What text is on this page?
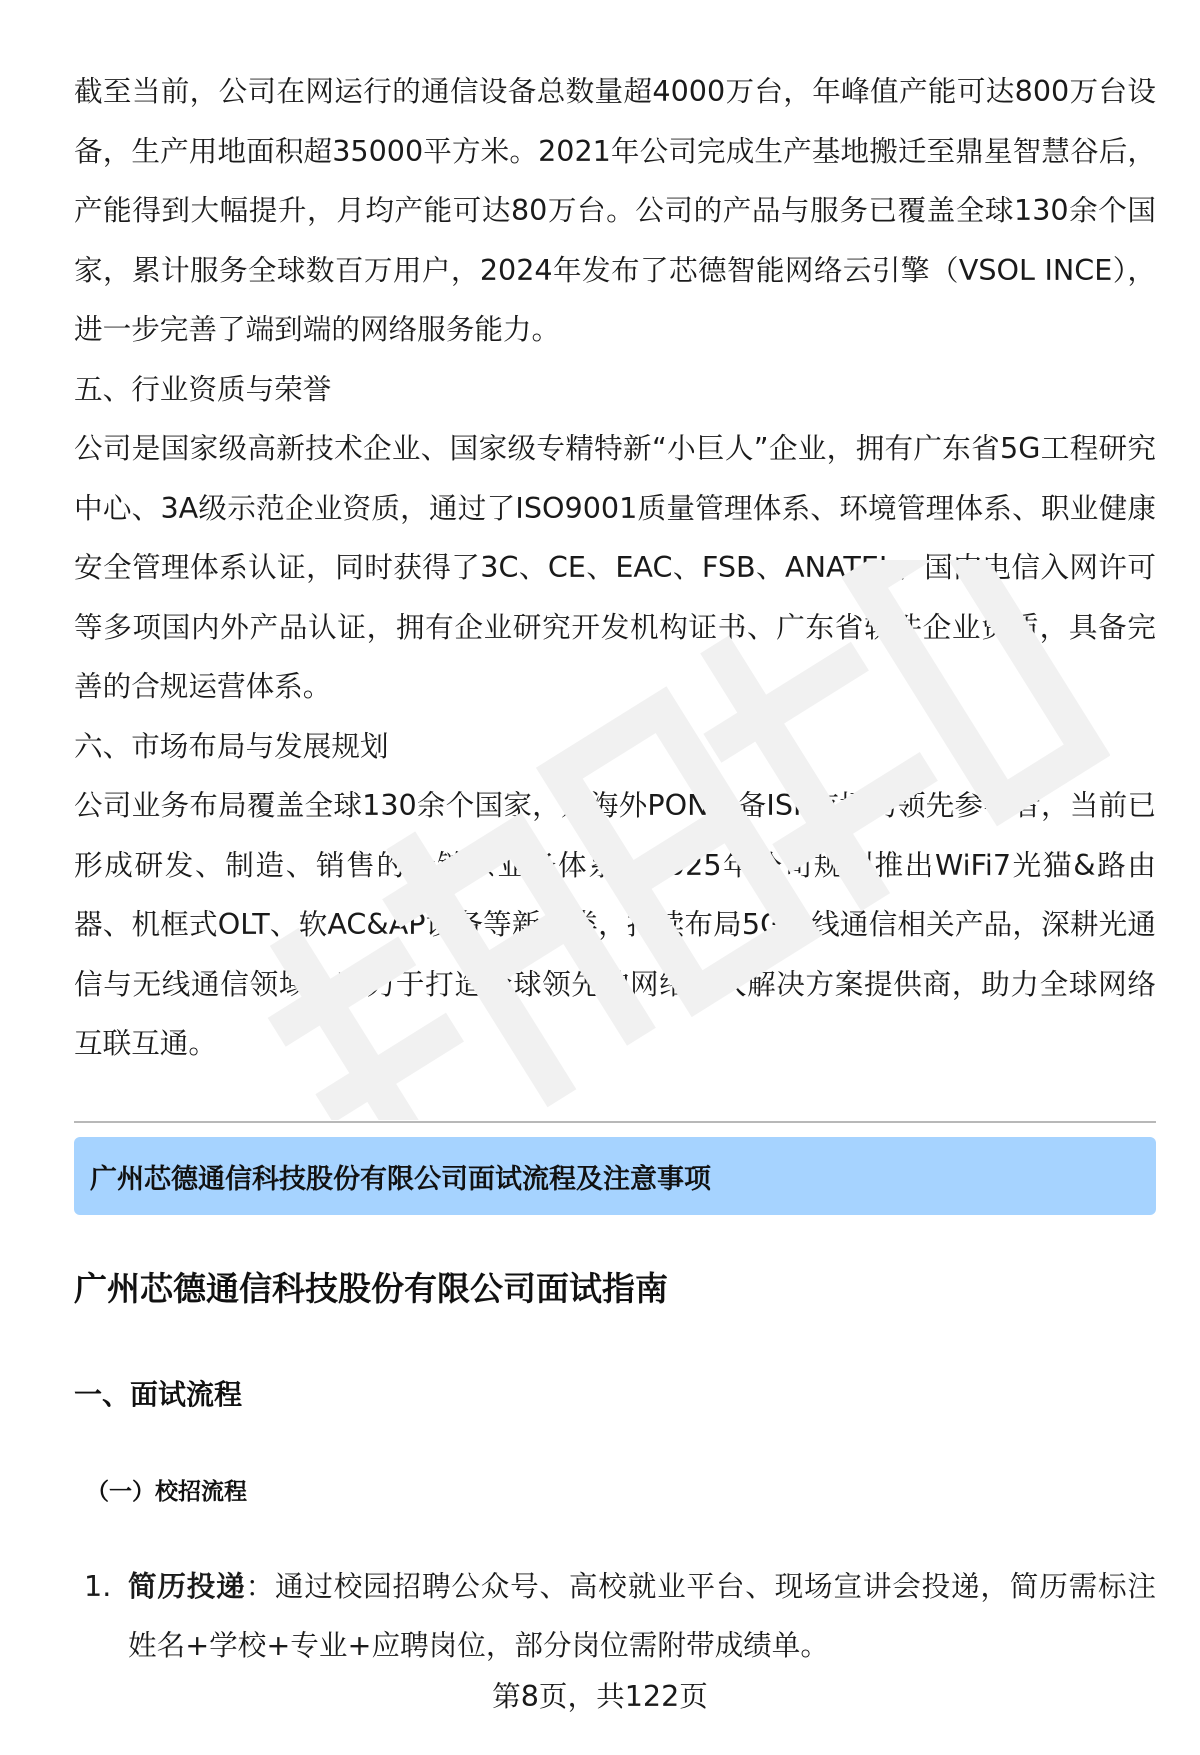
截至当前，公司在网运行的通信设备总数量超4000万台，年峰值产能可达800万台设备，生产用地面积超35000平方米。2021年公司完成生产基地搬迁至鼎星智慧谷后，产能得到大幅提升，月均产能可达80万台。公司的产品与服务已覆盖全球130余个国家，累计服务全球数百万用户，2024年发布了芯德智能网络云引擎（VSOL INCE），进一步完善了端到端的网络服务能力。

五、行业资质与荣誉

公司是国家级高新技术企业、国家级专精特新“小巨人”企业，拥有广东省5G工程研究中心、3A级示范企业资质，通过了ISO9001质量管理体系、环境管理体系、职业健康安全管理体系认证，同时获得了3C、CE、EAC、FSB、ANATEL、国内电信入网许可等多项国内外产品认证，拥有企业研究开发机构证书、广东省软件企业资质，具备完善的合规运营体系。

六、市场布局与发展规划

公司业务布局覆盖全球130余个国家，是海外PON设备ISP市场的领先参与者，当前已形成研发、制造、销售的全链条业务体系。2025年公司规划推出WiFi7光猫&路由器、机框式OLT、软AC&AP设备等新品类，持续布局5G无线通信相关产品，深耕光通信与无线通信领域，致力于打造全球领先的网络接入解决方案提供商，助力全球网络互联互通。

广州芯德通信科技股份有限公司面试流程及注意事项
广州芯德通信科技股份有限公司面试指南
一、面试流程
（一）校招流程
1. 简历投递：通过校园招聘公众号、高校就业平台、现场宣讲会投递，简历需标注姓名+学校+专业+应聘岗位，部分岗位需附带成绩单。
第8页，共122页
